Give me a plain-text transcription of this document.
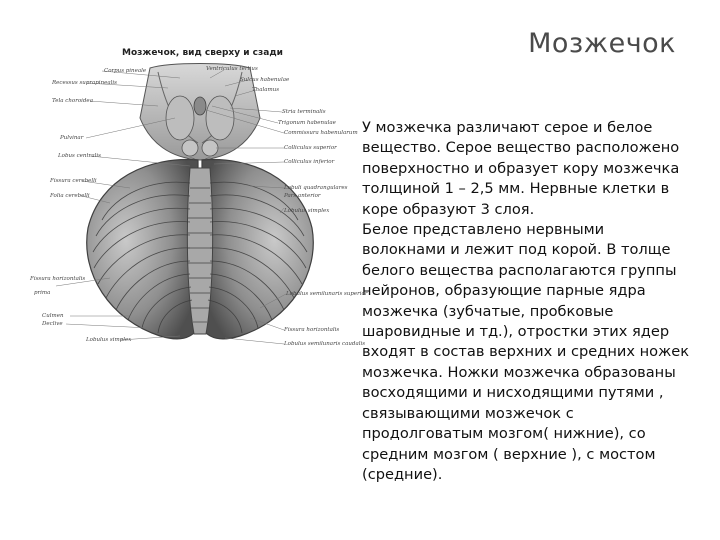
Мозжечок
Мозжечок, вид сверху и сзади
Corpus pineale
Recessus suprapinealis
Tela choroidea
Pulvinar
Lobus centralis
Fissura cerebelli
Folia cerebelli
Fissura horizontalis
prima
Culmen
Declive
Lobulus simplex
Ventriculus tertius
Sulcus habenulae
Thalamus
Stria terminalis
Trigonum habenulae
Commissura habenularum
Colliculus superior
Colliculus inferior
Lobuli quadrangulares
Pars anterior
Lobulus simplex
Lobulus semilunaris superior
Fissura horizontalis
Lobulus semilunaris caudalis

У мозжечка различают серое и белое вещество. Серое вещество расположено поверхностно и образует кору мозжечка толщиной 1 – 2,5 мм. Нервные клетки в коре образуют 3 слоя.

Белое представлено нервными волокнами и лежит под корой. В толще белого вещества располагаются группы нейронов, образующие парные ядра мозжечка (зубчатые, пробковые шаровидные и тд.), отростки этих ядер входят в состав верхних и средних ножек мозжечка. Ножки мозжечка образованы восходящими и нисходящими путями , связывающими мозжечок с продолговатым мозгом( нижние), со средним мозгом ( верхние ), с мостом (средние).
